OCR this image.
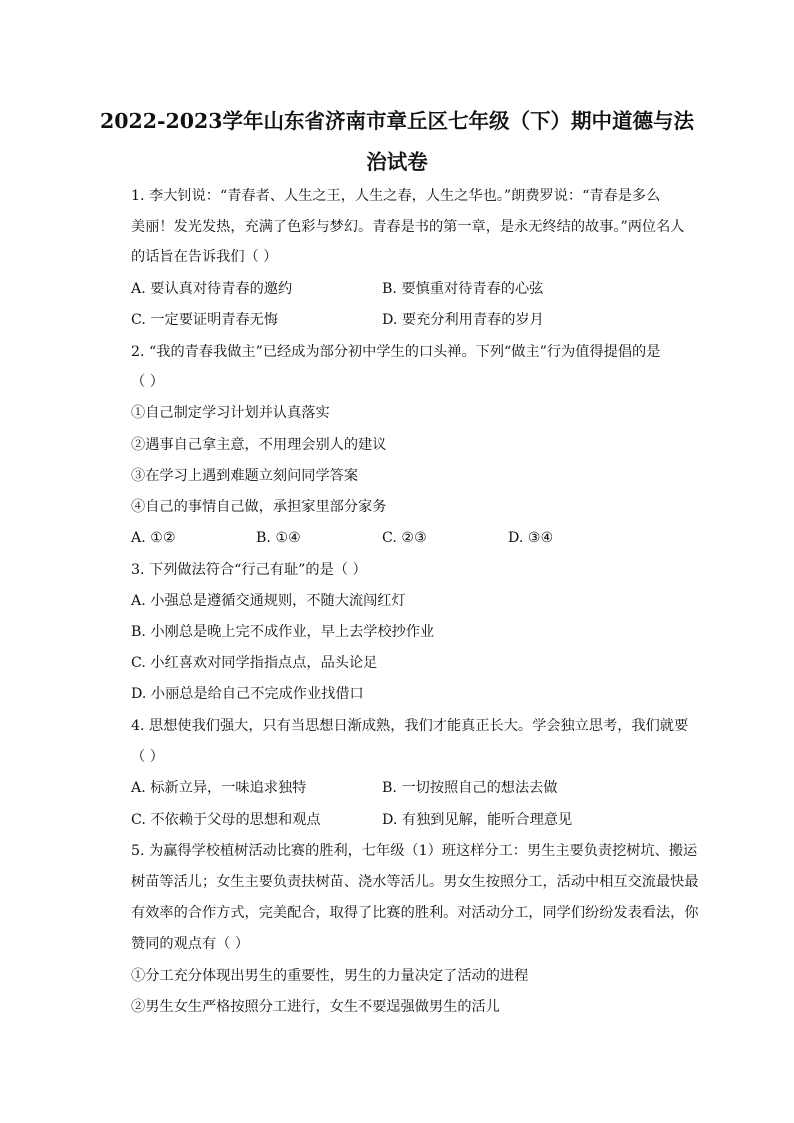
2022-2023学年山东省济南市章丘区七年级（下）期中道德与法
治试卷
1. 李大钊说：“青春者、人生之王，人生之春，人生之华也。”朗费罗说：“青春是多么
美丽！发光发热，充满了色彩与梦幻。青春是书的第一章，是永无终结的故事。”两位名人
的话旨在告诉我们（ ）
A. 要认真对待青春的邀约	B. 要慎重对待青春的心弦
C. 一定要证明青春无悔	D. 要充分利用青春的岁月
2. “我的青春我做主”已经成为部分初中学生的口头禅。下列“做主”行为值得提倡的是
（ ）
①自己制定学习计划并认真落实
②遇事自己拿主意，不用理会别人的建议
③在学习上遇到难题立刻问同学答案
④自己的事情自己做，承担家里部分家务
A. ①②	B. ①④	C. ②③	D. ③④
3. 下列做法符合“行己有耻”的是（ ）
A. 小强总是遵循交通规则，不随大流闯红灯
B. 小刚总是晚上完不成作业，早上去学校抄作业
C. 小红喜欢对同学指指点点，品头论足
D. 小丽总是给自己不完成作业找借口
4. 思想使我们强大，只有当思想日渐成熟，我们才能真正长大。学会独立思考，我们就要
（ ）
A. 标新立异，一味追求独特	B. 一切按照自己的想法去做
C. 不依赖于父母的思想和观点	D. 有独到见解，能听合理意见
5. 为赢得学校植树活动比赛的胜利，七年级（1）班这样分工：男生主要负责挖树坑、搬运
树苗等活儿；女生主要负责扶树苗、浇水等活儿。男女生按照分工，活动中相互交流最快最
有效率的合作方式，完美配合，取得了比赛的胜利。对活动分工，同学们纷纷发表看法，你
赞同的观点有（ ）
①分工充分体现出男生的重要性，男生的力量决定了活动的进程
②男生女生严格按照分工进行，女生不要逞强做男生的活儿
